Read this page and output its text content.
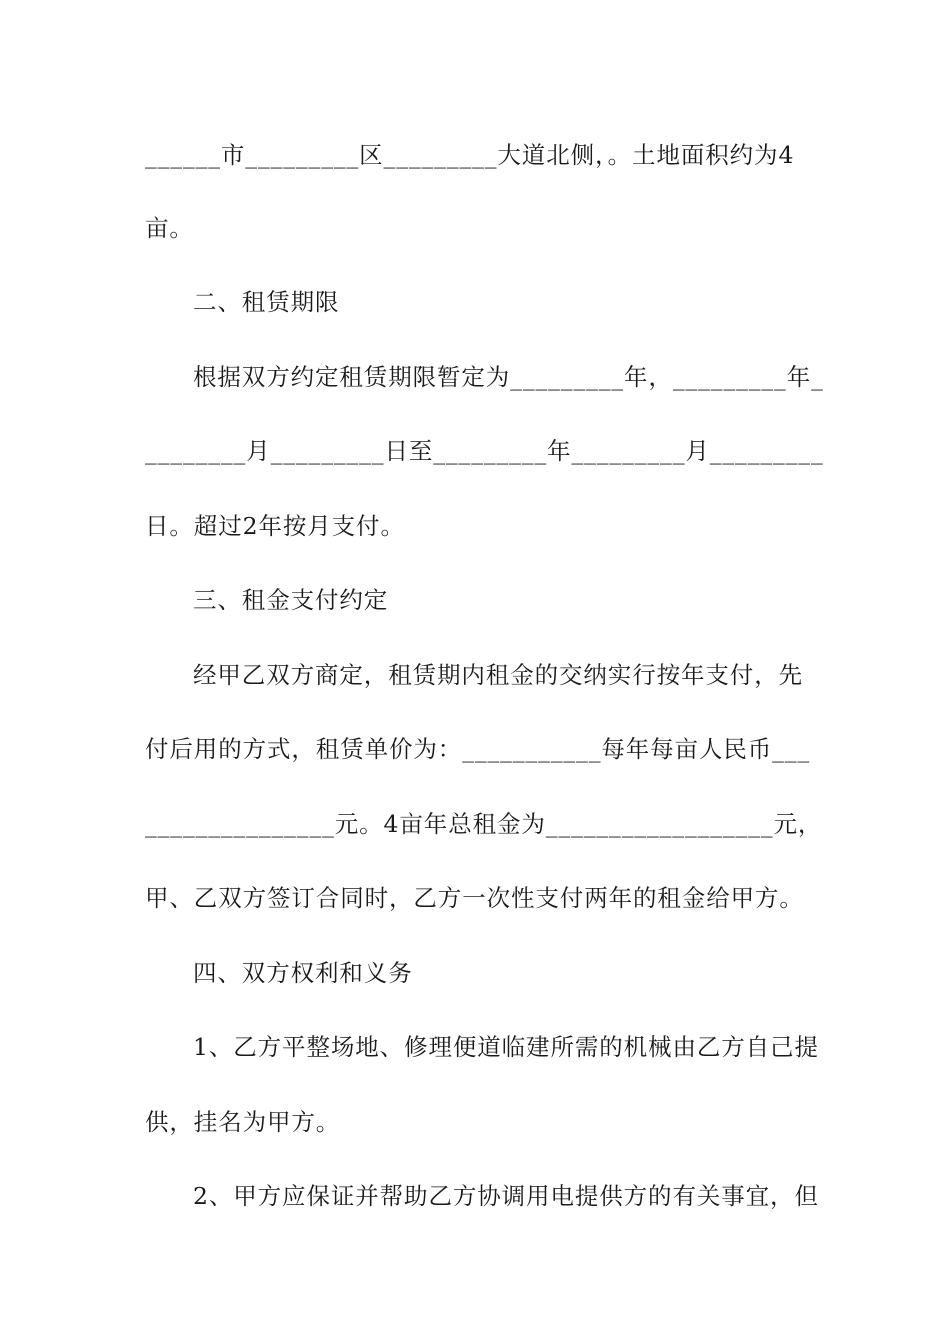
______市_________区_________大道北侧，。土地面积约为4
亩。
二、租赁期限
根据双方约定租赁期限暂定为_________年，_________年_
________月_________日至_________年_________月_________
日。超过2年按月支付。
三、租金支付约定
经甲乙双方商定，租赁期内租金的交纳实行按年支付，先
付后用的方式，租赁单价为：___________每年每亩人民币___
_______________元。4亩年总租金为__________________元，
甲、乙双方签订合同时，乙方一次性支付两年的租金给甲方。
四、双方权利和义务
1、乙方平整场地、修理便道临建所需的机械由乙方自己提
供，挂名为甲方。
2、甲方应保证并帮助乙方协调用电提供方的有关事宜，但
